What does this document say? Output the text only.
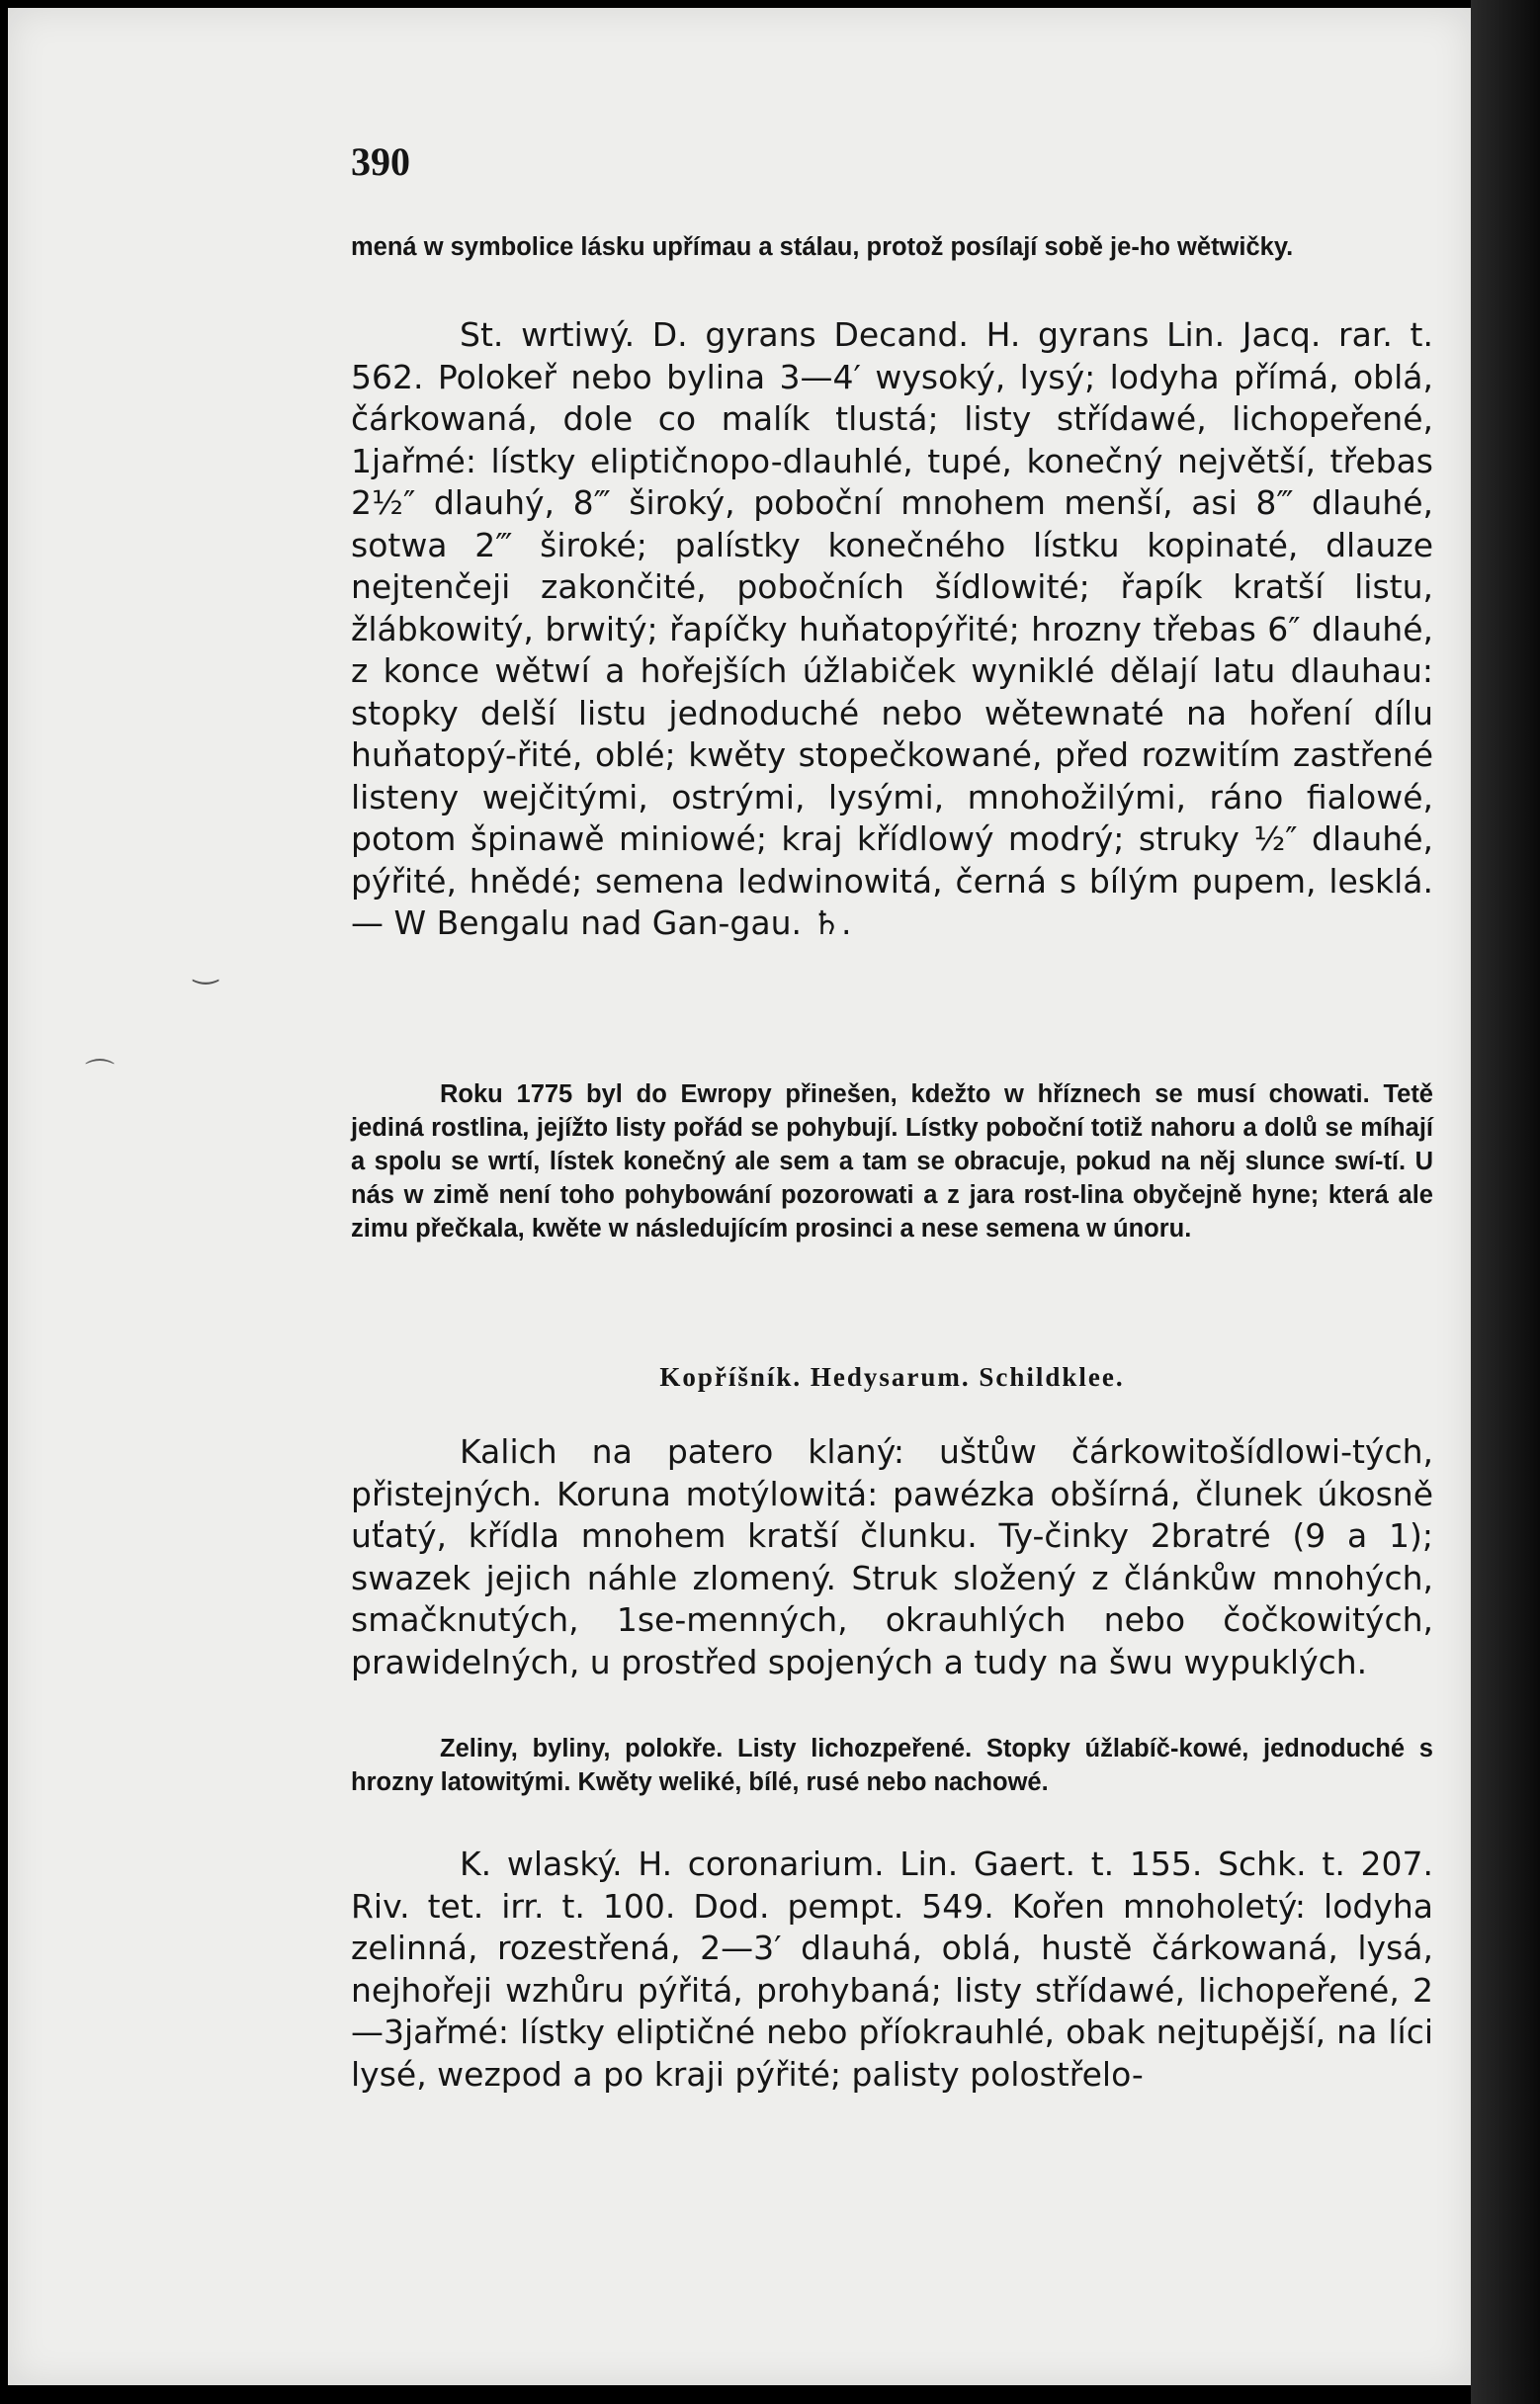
390

mená w symbolice lásku upřímau a stálau, protož posílají sobě je-ho wětwičky.

St. wrtiwý. D. gyrans Decand. H. gyrans Lin. Jacq. rar. t. 562. Polokeř nebo bylina 3—4′ wysoký, lysý; lodyha přímá, oblá, čárkowaná, dole co malík tlustá; listy střídawé, lichopeřené, 1jařmé: lístky eliptičnopo-dlauhlé, tupé, konečný největší, třebas 2½″ dlauhý, 8‴ široký, poboční mnohem menší, asi 8‴ dlauhé, sotwa 2‴ široké; palístky konečného lístku kopinaté, dlauze nejtenčeji zakončité, pobočních šídlowité; řapík kratší listu, žlábkowitý, brwitý; řapíčky huňatopýřité; hrozny třebas 6″ dlauhé, z konce wětwí a hořejších úžlabiček wyniklé dělají latu dlauhau: stopky delší listu jednoduché nebo wětewnaté na hoření dílu huňatopý-řité, oblé; kwěty stopečkowané, před rozwitím zastřené listeny wejčitými, ostrými, lysými, mnohožilými, ráno fialowé, potom špinawě miniowé; kraj křídlowý modrý; struky ½″ dlauhé, pýřité, hnědé; semena ledwinowitá, černá s bílým pupem, lesklá. — W Bengalu nad Gan-gau. ♄.

Roku 1775 byl do Ewropy přinešen, kdežto w hříznech se musí chowati. Tetě jediná rostlina, jejížto listy pořád se pohybují. Lístky poboční totiž nahoru a dolů se míhají a spolu se wrtí, lístek konečný ale sem a tam se obracuje, pokud na něj slunce swí-tí. U nás w zimě není toho pohybowání pozorowati a z jara rost-lina obyčejně hyne; která ale zimu přečkala, kwěte w následujícím prosinci a nese semena w únoru.

Kopříšník. Hedysarum. Schildklee.

Kalich na patero klaný: uštůw čárkowitošídlowi-tých, přistejných. Koruna motýlowitá: pawézka obšírná, člunek úkosně uťatý, křídla mnohem kratší člunku. Ty-činky 2bratré (9 a 1); swazek jejich náhle zlomený. Struk složený z článkůw mnohých, smačknutých, 1se-menných, okrauhlých nebo čočkowitých, prawidelných, u prostřed spojených a tudy na šwu wypuklých.

Zeliny, byliny, polokře. Listy lichozpeřené. Stopky úžlabíč-kowé, jednoduché s hrozny latowitými. Kwěty weliké, bílé, rusé nebo nachowé.

K. wlaský. H. coronarium. Lin. Gaert. t. 155. Schk. t. 207. Riv. tet. irr. t. 100. Dod. pempt. 549. Kořen mnoholetý: lodyha zelinná, rozestřená, 2—3′ dlauhá, oblá, hustě čárkowaná, lysá, nejhořeji wzhůru pýřitá, prohybaná; listy střídawé, lichopeřené, 2—3jařmé: lístky eliptičné nebo příokrauhlé, obak nejtupější, na líci lysé, wezpod a po kraji pýřité; palisty polostřelo-

‿
⌒
